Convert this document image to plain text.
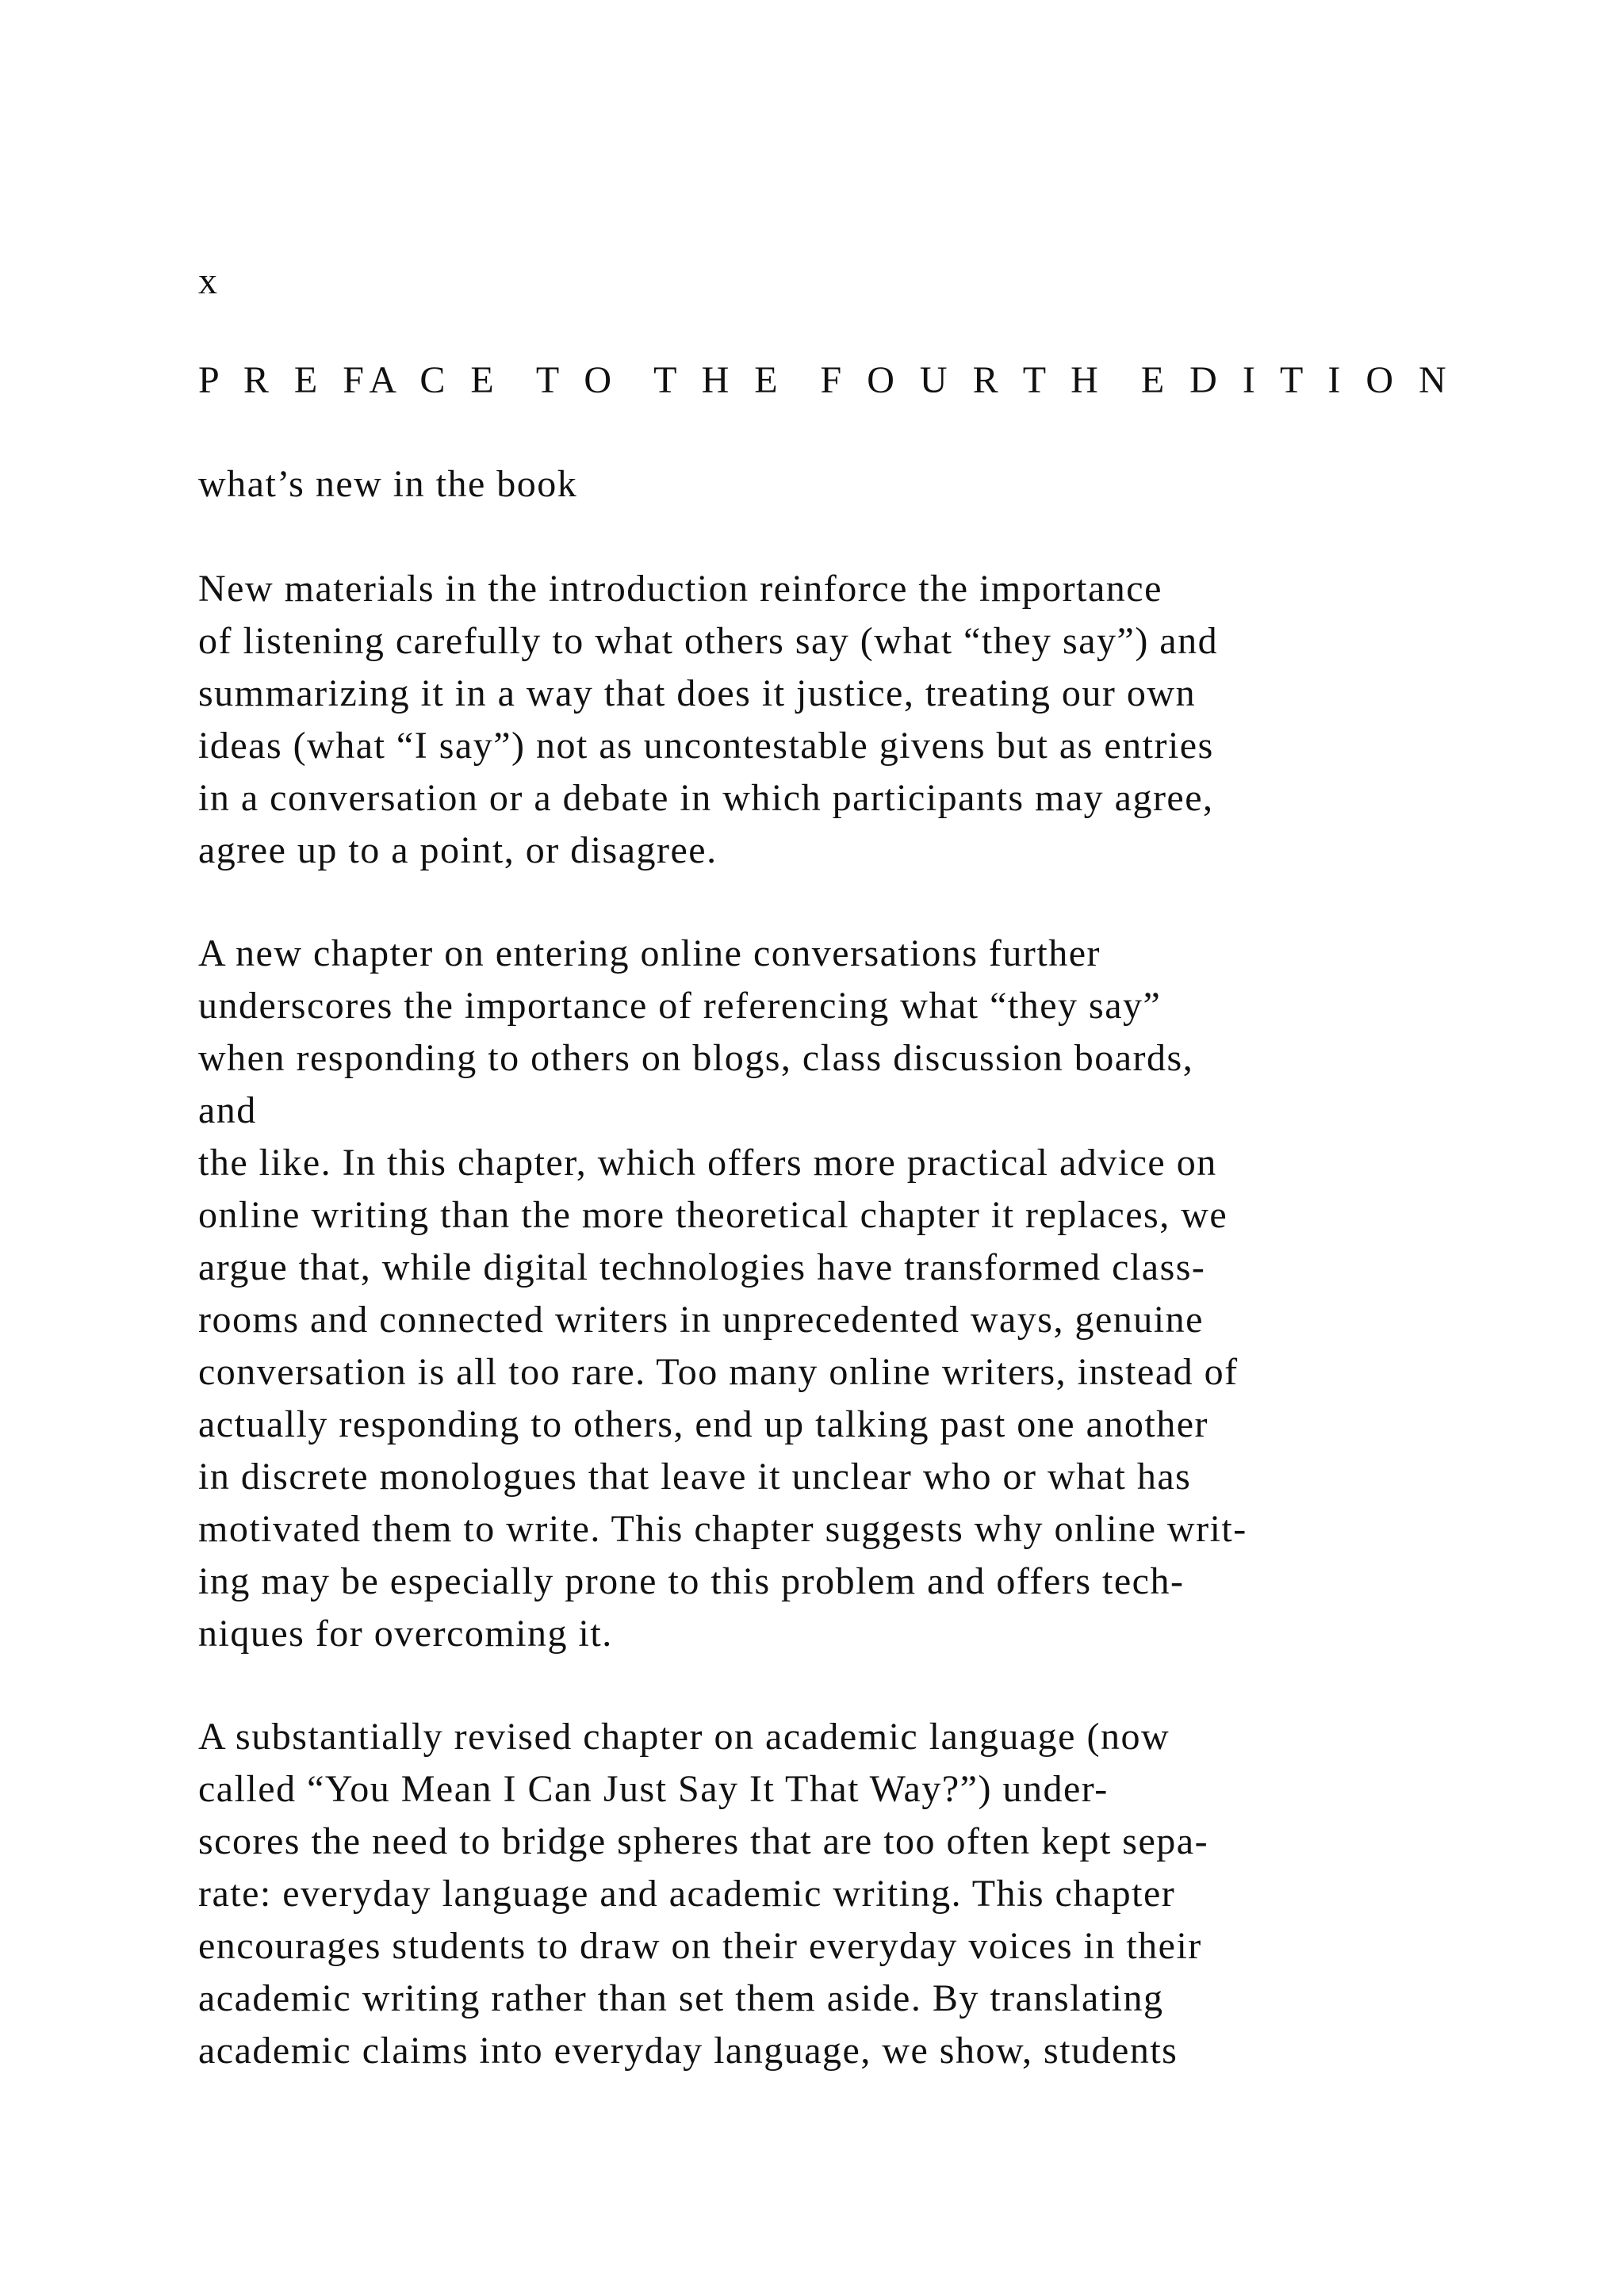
x
P R E FA C E  T O  T H E  F O U R T H  E D I T I O N
what’s new in the book
New materials in the introduction reinforce the importance
of listening carefully to what others say (what “they say”) and
summarizing it in a way that does it justice, treating our own
ideas (what “I say”) not as uncontestable givens but as entries
in a conversation or a debate in which participants may agree,
agree up to a point, or disagree.
A new chapter on entering online conversations further
underscores the importance of referencing what “they say”
when responding to others on blogs, class discussion boards,
and
the like. In this chapter, which offers more practical advice on
online writing than the more theoretical chapter it replaces, we
argue that, while digital technologies have transformed class-
rooms and connected writers in unprecedented ways, genuine
conversation is all too rare. Too many online writers, instead of
actually responding to others, end up talking past one another
in discrete monologues that leave it unclear who or what has
motivated them to write. This chapter suggests why online writ-
ing may be especially prone to this problem and offers tech-
niques for overcoming it.
A substantially revised chapter on academic language (now
called “You Mean I Can Just Say It That Way?”) under-
scores the need to bridge spheres that are too often kept sepa-
rate: everyday language and academic writing. This chapter
encourages students to draw on their everyday voices in their
academic writing rather than set them aside. By translating
academic claims into everyday language, we show, students
